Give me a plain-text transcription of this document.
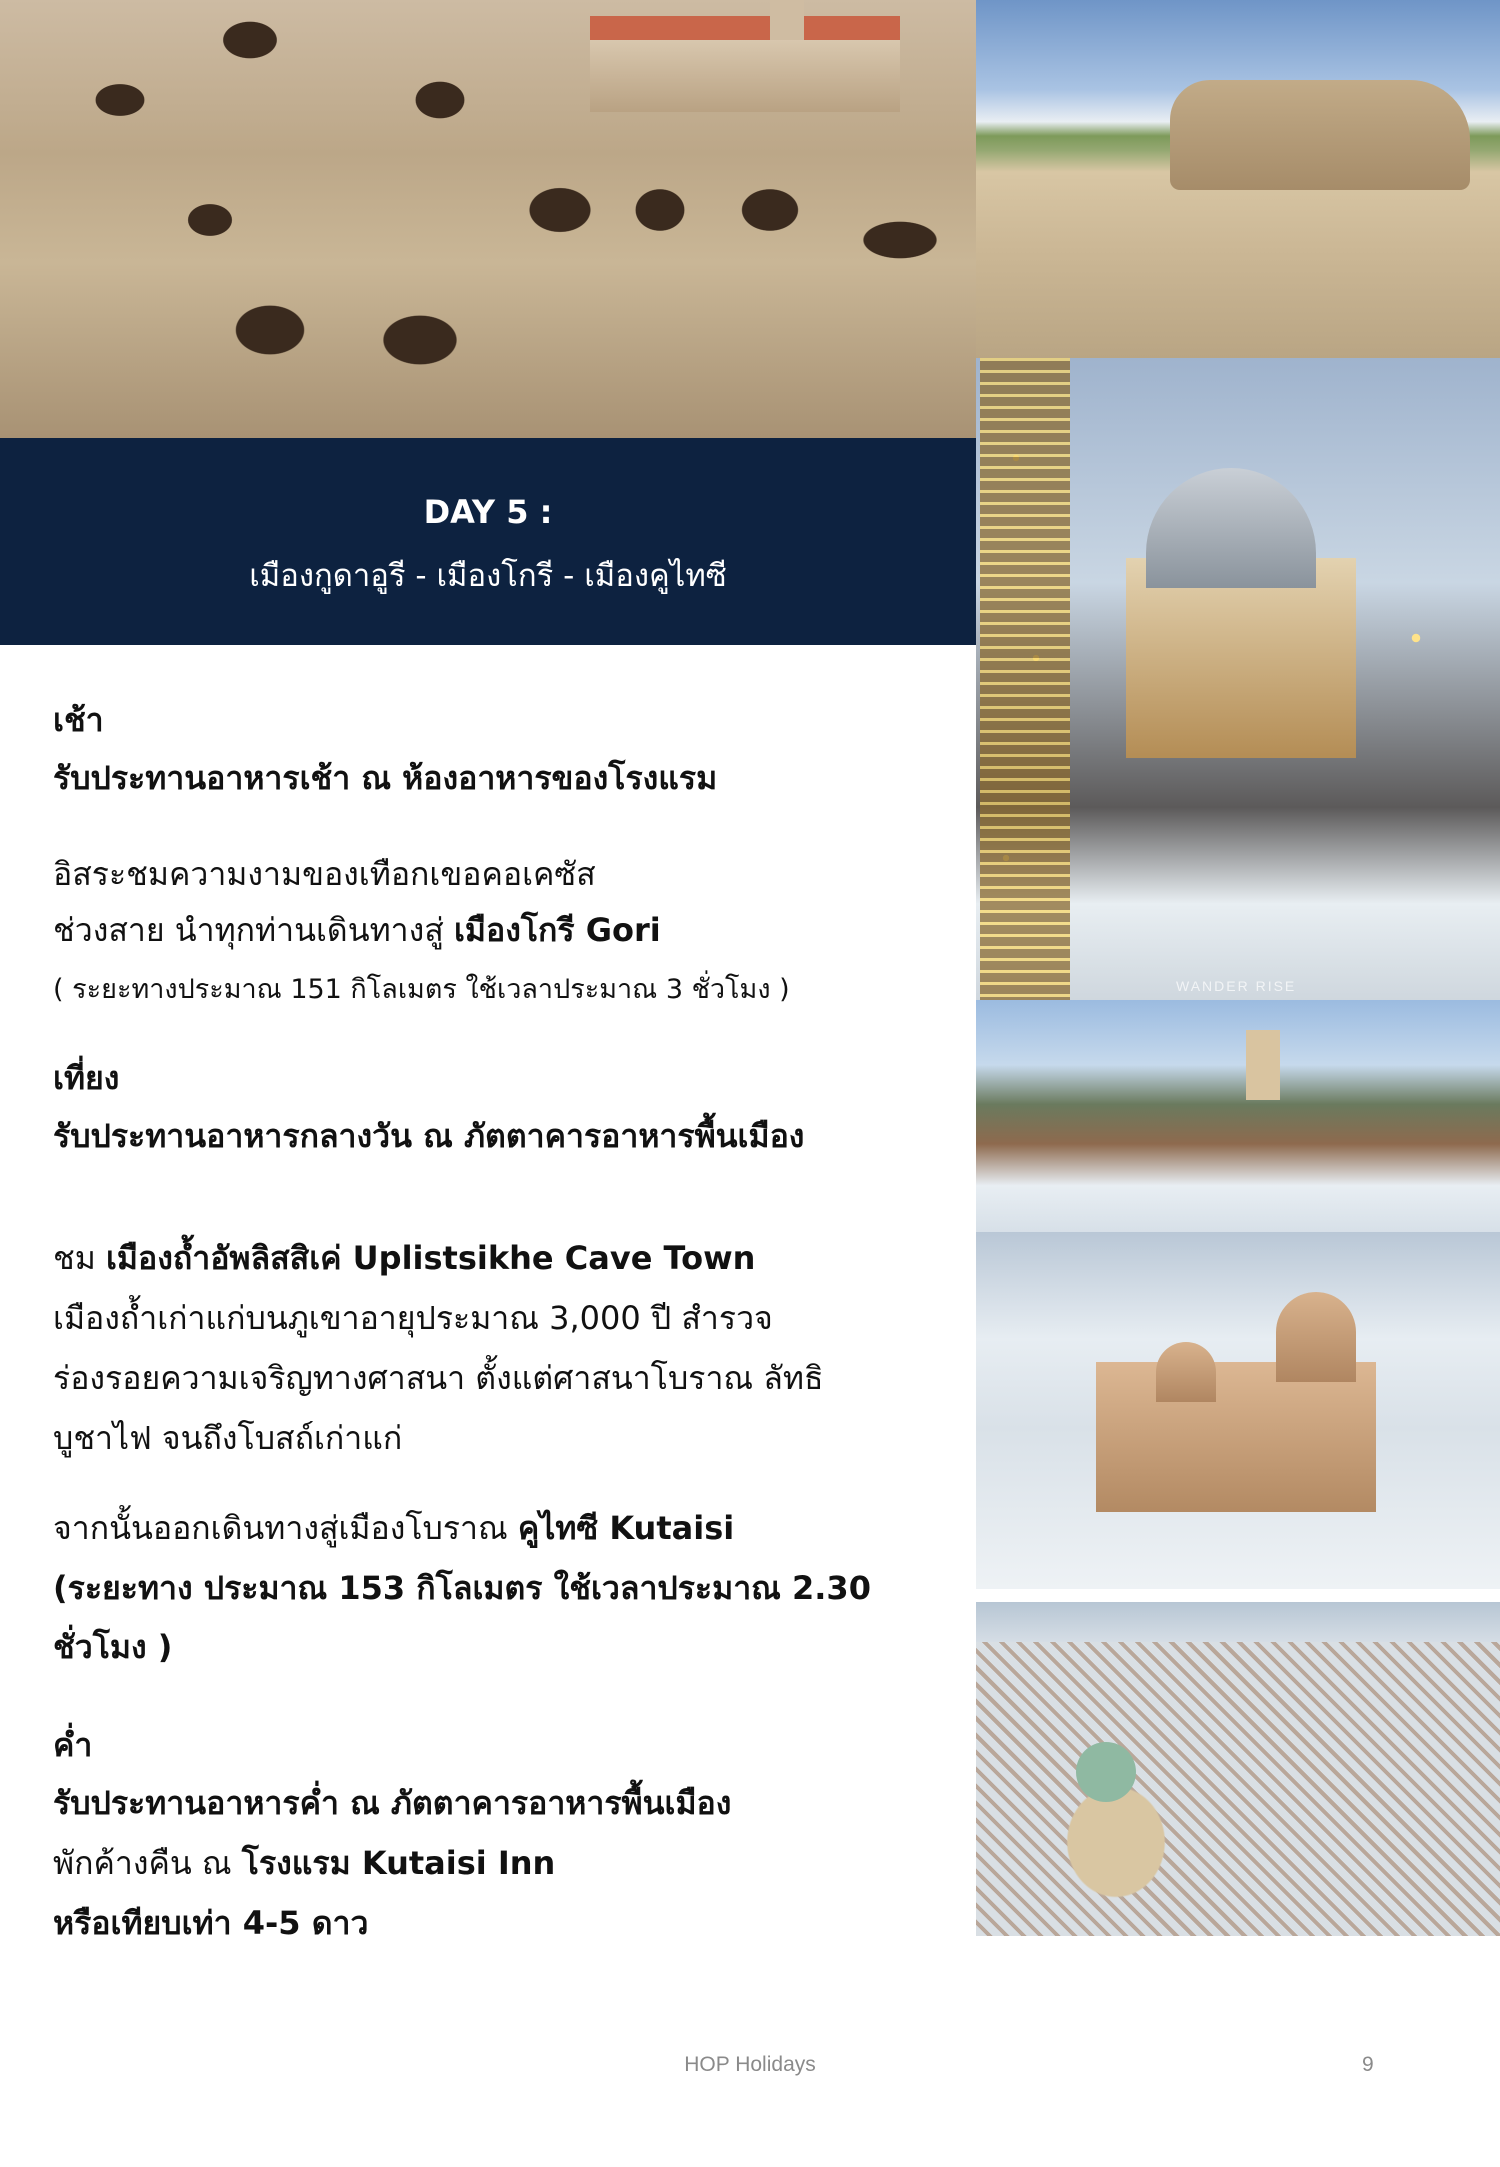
WANDER RISE
DAY 5 :
เมืองกูดาอูรี - เมืองโกรี - เมืองคูไทซี
เช้า
รับประทานอาหารเช้า ณ ห้องอาหารของโรงแรม
อิสระชมความงามของเทือกเขอคอเคซัส
ช่วงสาย นำทุกท่านเดินทางสู่ เมืองโกรี Gori
( ระยะทางประมาณ 151 กิโลเมตร ใช้เวลาประมาณ 3 ชั่วโมง )
เที่ยง
รับประทานอาหารกลางวัน ณ ภัตตาคารอาหารพื้นเมือง
ชม เมืองถ้ำอัพลิสสิเค่ Uplistsikhe Cave Town
เมืองถ้ำเก่าแก่บนภูเขาอายุประมาณ 3,000 ปี สำรวจ
ร่องรอยความเจริญทางศาสนา ตั้งแต่ศาสนาโบราณ ลัทธิ
บูชาไฟ จนถึงโบสถ์เก่าแก่
จากนั้นออกเดินทางสู่เมืองโบราณ คูไทซี Kutaisi
(ระยะทาง ประมาณ 153 กิโลเมตร ใช้เวลาประมาณ 2.30
ชั่วโมง )
ค่ำ
รับประทานอาหารค่ำ ณ ภัตตาคารอาหารพื้นเมือง
พักค้างคืน ณ โรงแรม Kutaisi Inn
หรือเทียบเท่า 4-5 ดาว
HOP Holidays	9
